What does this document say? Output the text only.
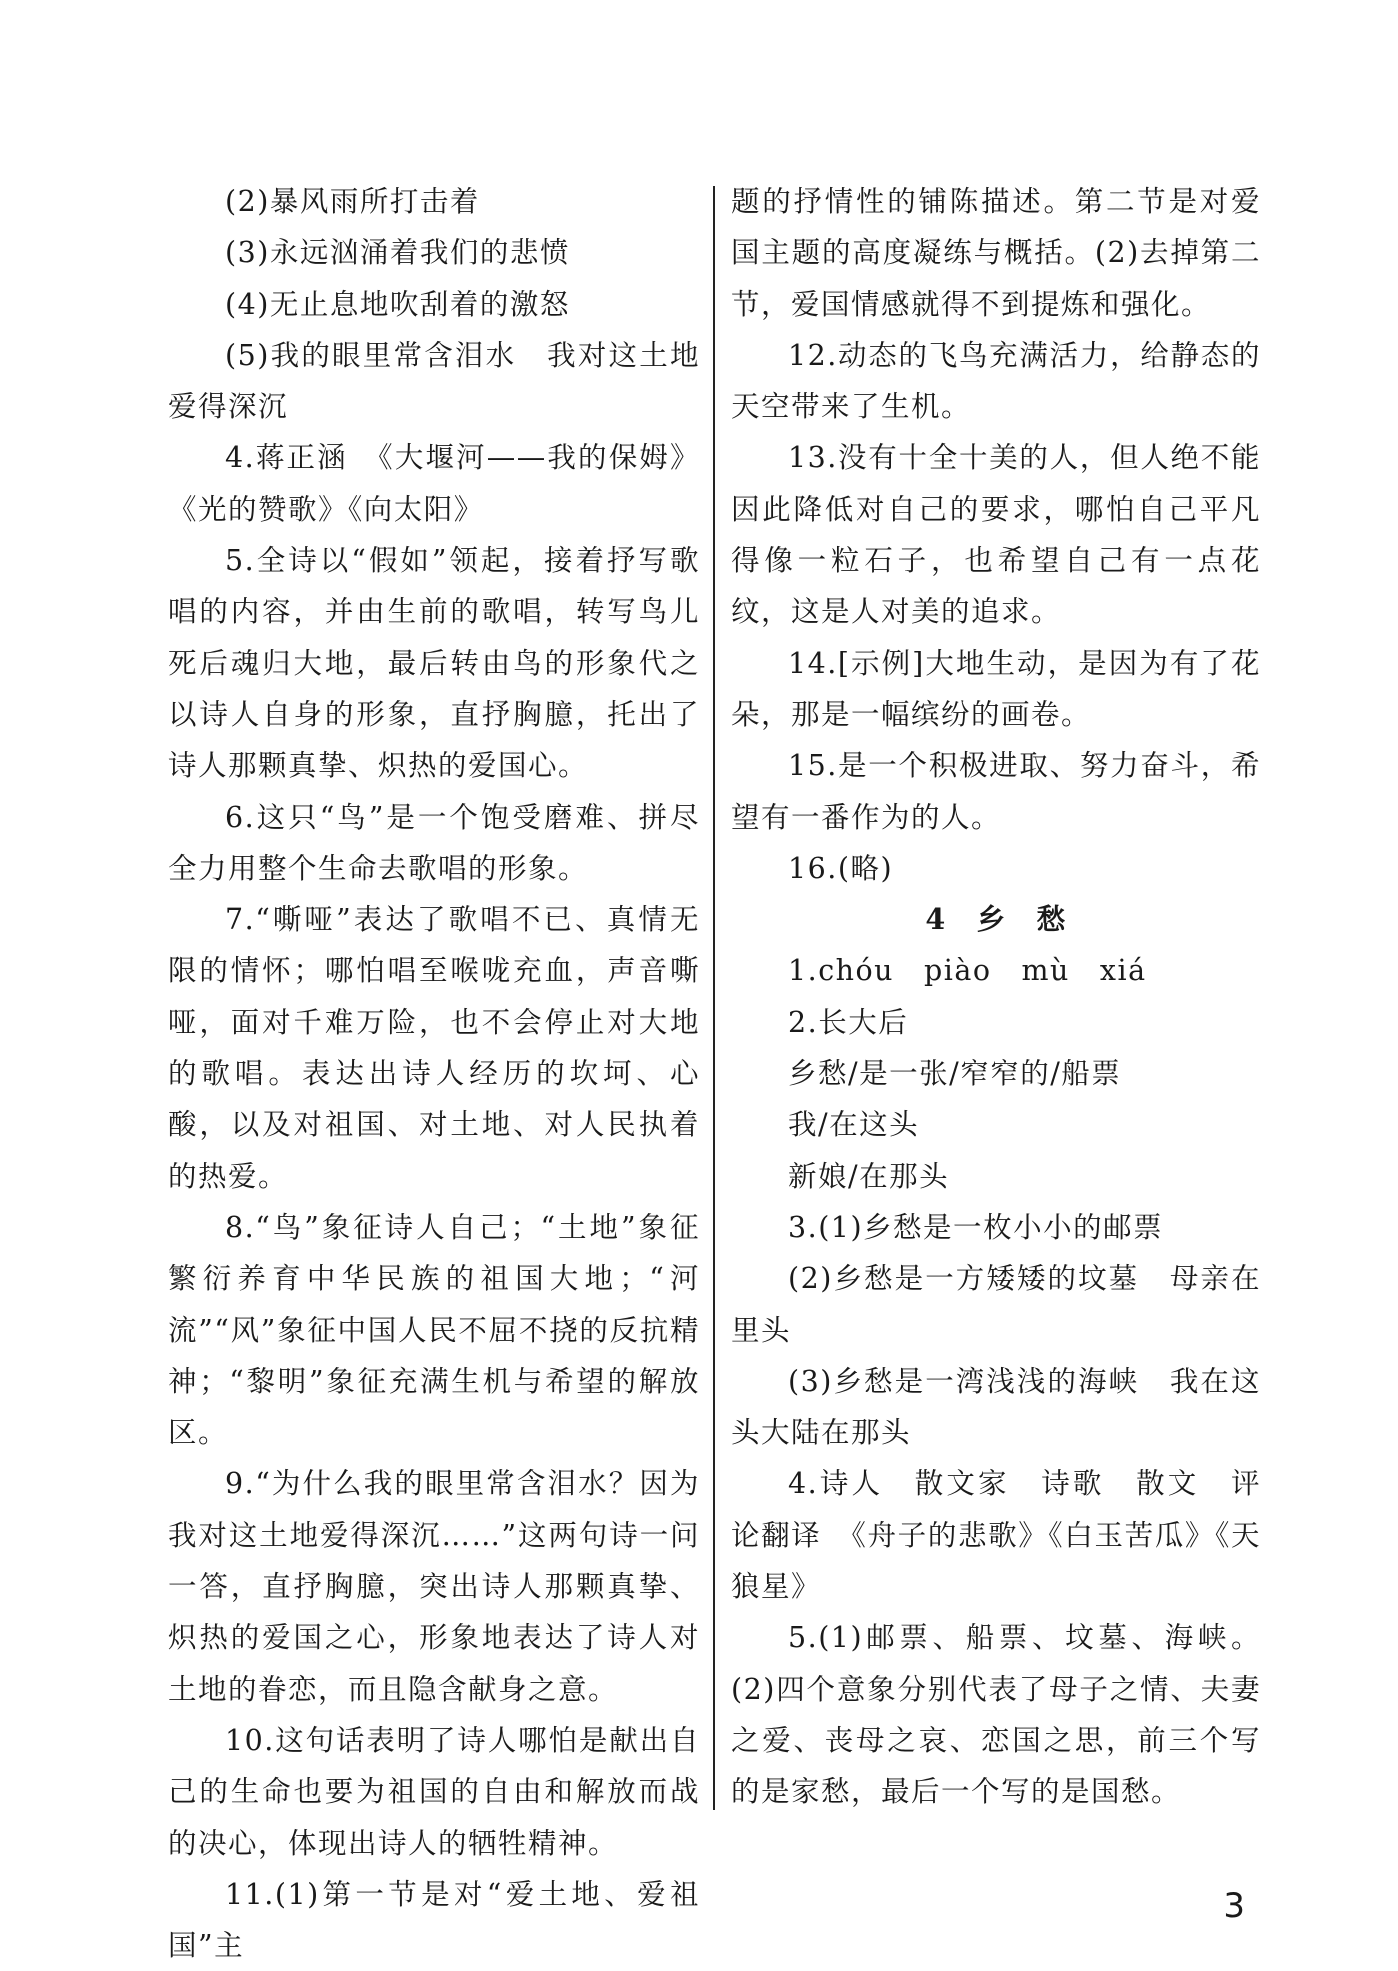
(2)暴风雨所打击着

(3)永远汹涌着我们的悲愤

(4)无止息地吹刮着的激怒

(5)我的眼里常含泪水　我对这土地爱得深沉

4.蒋正涵　《大堰河——我的保姆》《光的赞歌》《向太阳》

5.全诗以“假如”领起，接着抒写歌唱的内容，并由生前的歌唱，转写鸟儿死后魂归大地，最后转由鸟的形象代之以诗人自身的形象，直抒胸臆，托出了诗人那颗真挚、炽热的爱国心。

6.这只“鸟”是一个饱受磨难、拼尽全力用整个生命去歌唱的形象。

7.“嘶哑”表达了歌唱不已、真情无限的情怀；哪怕唱至喉咙充血，声音嘶哑，面对千难万险，也不会停止对大地的歌唱。表达出诗人经历的坎坷、心酸，以及对祖国、对土地、对人民执着的热爱。

8.“鸟”象征诗人自己；“土地”象征繁衍养育中华民族的祖国大地；“河流”“风”象征中国人民不屈不挠的反抗精神；“黎明”象征充满生机与希望的解放区。

9.“为什么我的眼里常含泪水？因为我对这土地爱得深沉……”这两句诗一问一答，直抒胸臆，突出诗人那颗真挚、炽热的爱国之心，形象地表达了诗人对土地的眷恋，而且隐含献身之意。

10.这句话表明了诗人哪怕是献出自己的生命也要为祖国的自由和解放而战的决心，体现出诗人的牺牲精神。

11.(1)第一节是对“爱土地、爱祖国”主

题的抒情性的铺陈描述。第二节是对爱国主题的高度凝练与概括。(2)去掉第二节，爱国情感就得不到提炼和强化。

12.动态的飞鸟充满活力，给静态的天空带来了生机。

13.没有十全十美的人，但人绝不能因此降低对自己的要求，哪怕自己平凡得像一粒石子，也希望自己有一点花纹，这是人对美的追求。

14.[示例]大地生动，是因为有了花朵，那是一幅缤纷的画卷。

15.是一个积极进取、努力奋斗，希望有一番作为的人。

16.(略)

4　乡　愁

1.chóu　piào　mù　xiá

2.长大后

乡愁/是一张/窄窄的/船票

我/在这头

新娘/在那头

3.(1)乡愁是一枚小小的邮票

(2)乡愁是一方矮矮的坟墓　母亲在里头

(3)乡愁是一湾浅浅的海峡　我在这头大陆在那头

4.诗人　散文家　诗歌　散文　评论翻译　《舟子的悲歌》《白玉苦瓜》《天狼星》

5.(1)邮票、船票、坟墓、海峡。(2)四个意象分别代表了母子之情、夫妻之爱、丧母之哀、恋国之思，前三个写的是家愁，最后一个写的是国愁。

3
